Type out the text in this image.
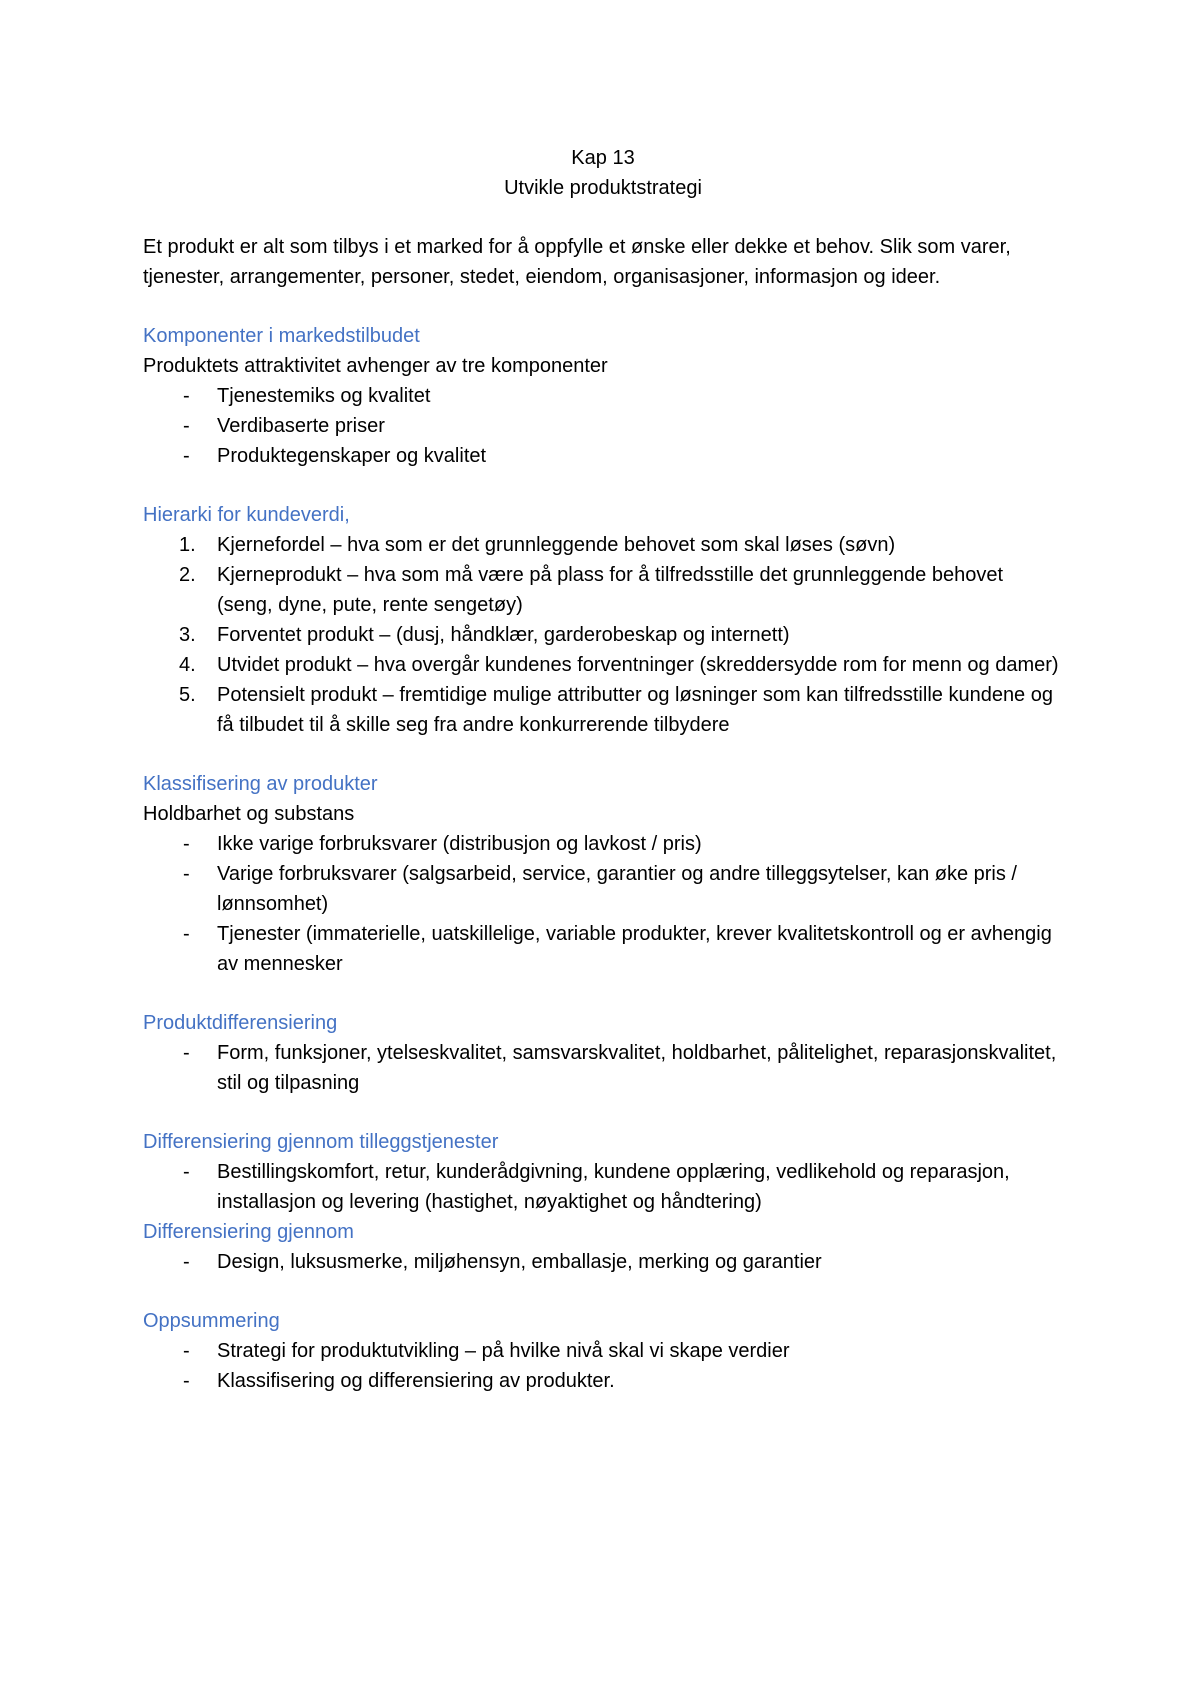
Kap 13

Utvikle produktstrategi

Et produkt er alt som tilbys i et marked for å oppfylle et ønske eller dekke et behov. Slik som varer, tjenester, arrangementer, personer, stedet, eiendom, organisasjoner, informasjon og ideer.

Komponenter i markedstilbudet

Produktets attraktivitet avhenger av tre komponenter

- Tjenestemiks og kvalitet
- Verdibaserte priser
- Produktegenskaper og kvalitet

Hierarki for kundeverdi,

1. Kjernefordel – hva som er det grunnleggende behovet som skal løses (søvn)
2. Kjerneprodukt – hva som må være på plass for å tilfredsstille det grunnleggende behovet (seng, dyne, pute, rente sengetøy)
3. Forventet produkt – (dusj, håndklær, garderobeskap og internett)
4. Utvidet produkt – hva overgår kundenes forventninger (skreddersydde rom for menn og damer)
5. Potensielt produkt – fremtidige mulige attributter og løsninger som kan tilfredsstille kundene og få tilbudet til å skille seg fra andre konkurrerende tilbydere

Klassifisering av produkter

Holdbarhet og substans

- Ikke varige forbruksvarer (distribusjon og lavkost / pris)
- Varige forbruksvarer (salgsarbeid, service, garantier og andre tilleggsytelser, kan øke pris / lønnsomhet)
- Tjenester (immaterielle, uatskillelige, variable produkter, krever kvalitetskontroll og er avhengig av mennesker

Produktdifferensiering

- Form, funksjoner, ytelseskvalitet, samsvarskvalitet, holdbarhet, pålitelighet, reparasjonskvalitet, stil og tilpasning

Differensiering gjennom tilleggstjenester

- Bestillingskomfort, retur, kunderådgivning, kundene opplæring, vedlikehold og reparasjon, installasjon og levering (hastighet, nøyaktighet og håndtering)

Differensiering gjennom

- Design, luksusmerke, miljøhensyn, emballasje, merking og garantier

Oppsummering

- Strategi for produktutvikling – på hvilke nivå skal vi skape verdier
- Klassifisering og differensiering av produkter.
